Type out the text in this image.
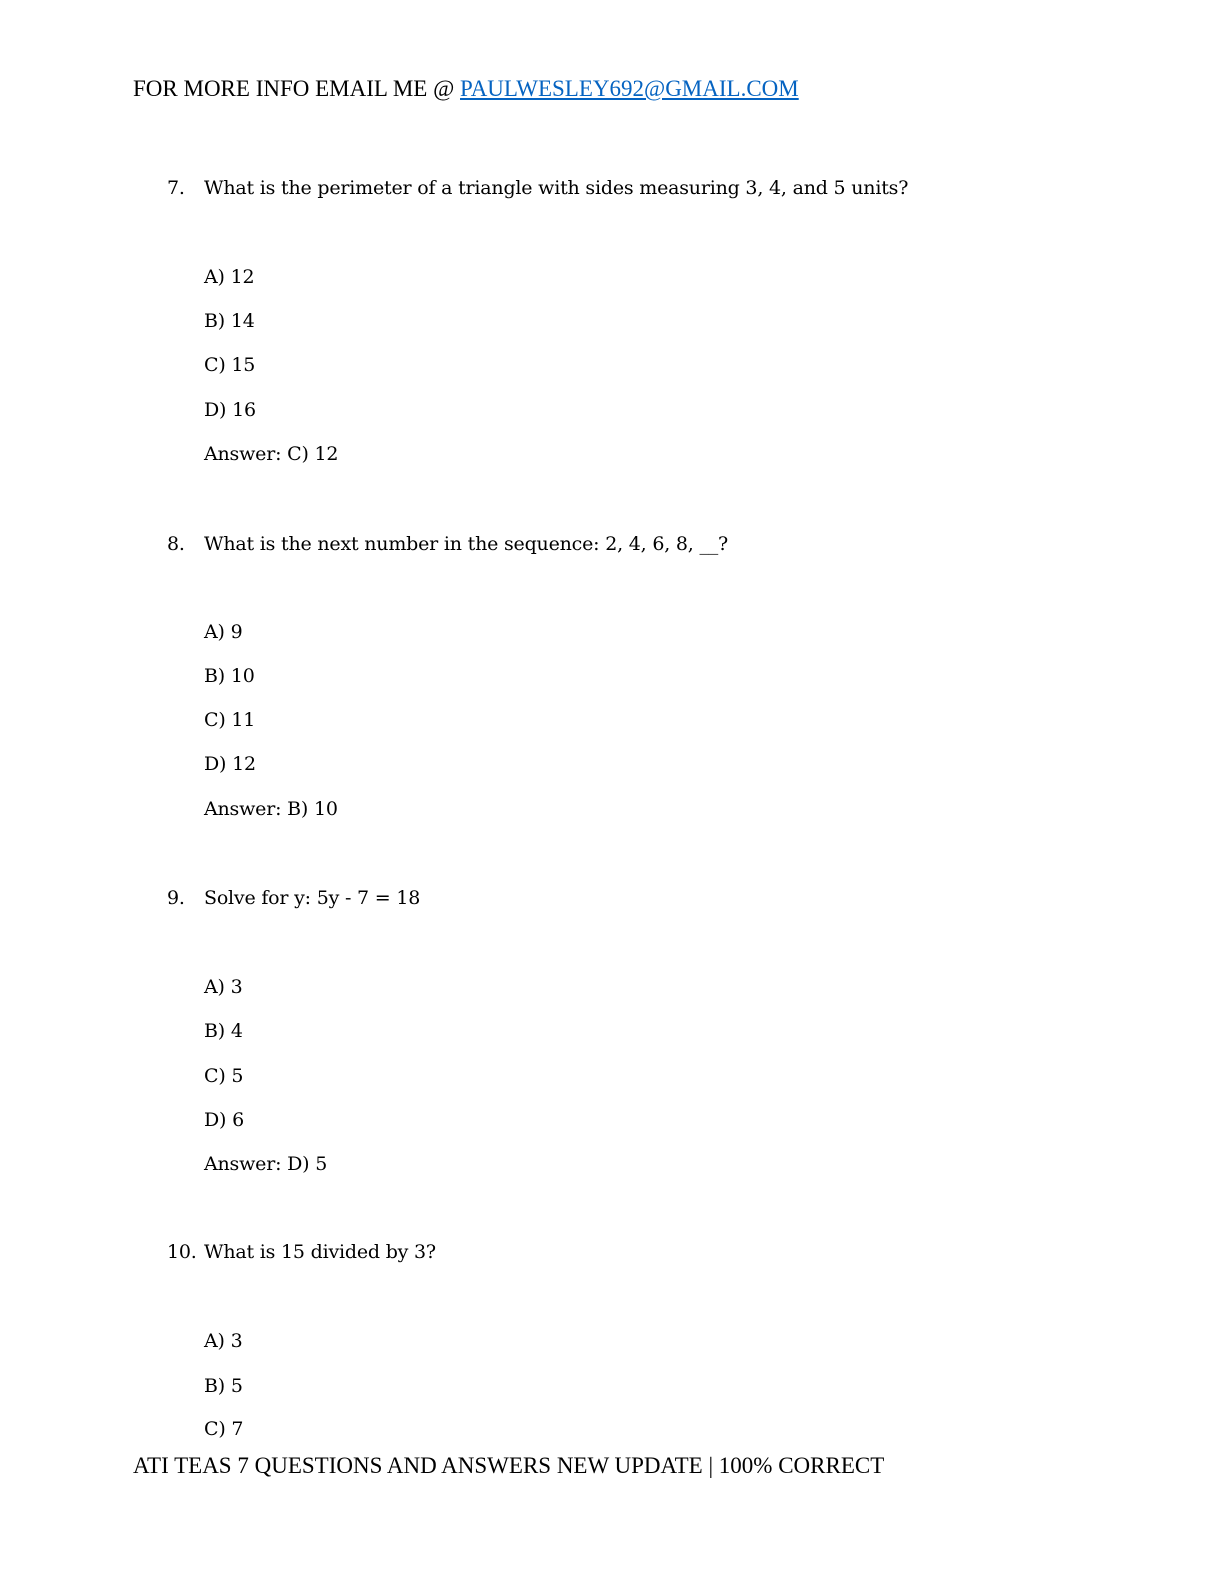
FOR MORE INFO EMAIL ME @ PAULWESLEY692@GMAIL.COM
7. What is the perimeter of a triangle with sides measuring 3, 4, and 5 units?
A) 12
B) 14
C) 15
D) 16
Answer: C) 12
8. What is the next number in the sequence: 2, 4, 6, 8, __?
A) 9
B) 10
C) 11
D) 12
Answer: B) 10
9. Solve for y: 5y - 7 = 18
A) 3
B) 4
C) 5
D) 6
Answer: D) 5
10. What is 15 divided by 3?
A) 3
B) 5
C) 7
ATI TEAS 7 QUESTIONS AND ANSWERS NEW UPDATE | 100% CORRECT
